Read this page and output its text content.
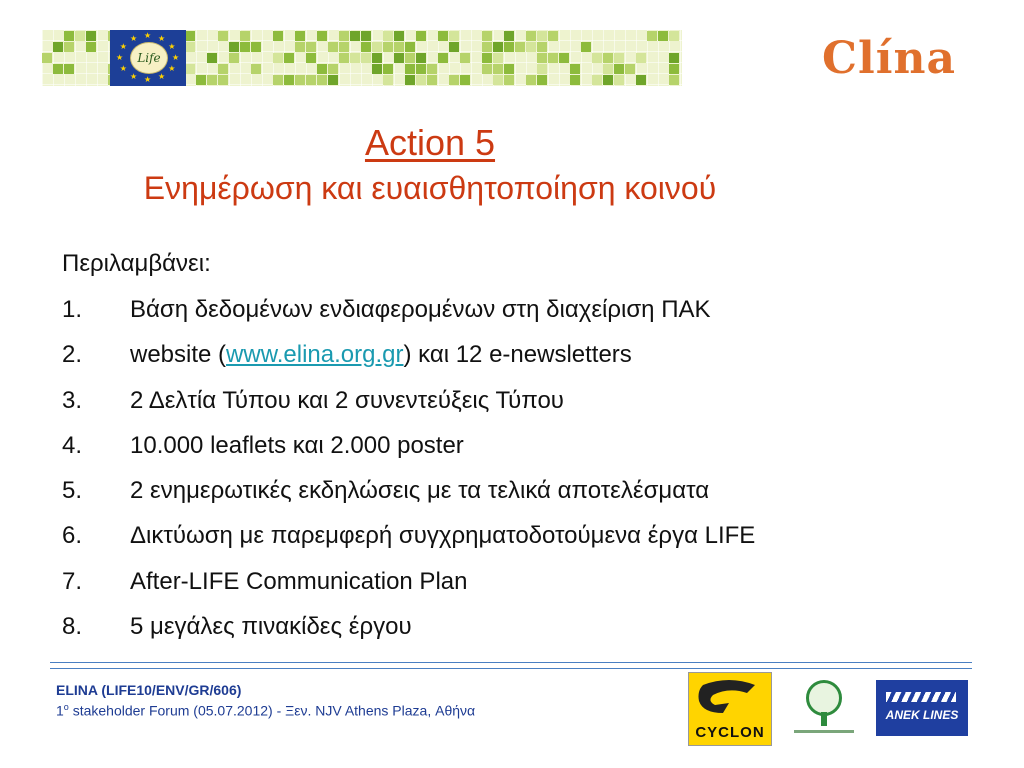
Life	★
★
★
★
★
★
★
★
★ ★ ★
★	Clína
Action 5
Ενημέρωση και ευαισθητοποίηση κοινού
Περιλαμβάνει:
1.	Βάση δεδομένων ενδιαφερομένων στη διαχείριση ΠΑΚ
2.	website (www.elina.org.gr) και 12 e-newsletters
3.	2 Δελτία Τύπου και 2 συνεντεύξεις Τύπου
4.	10.000 leaflets και 2.000 poster
5.	2 ενημερωτικές εκδηλώσεις με τα τελικά αποτελέσματα
6.	Δικτύωση με παρεμφερή συγχρηματοδοτούμενα έργα LIFE
7.	After-LIFE Communication Plan
8.	5 μεγάλες πινακίδες έργου
ELINA (LIFE10/ENV/GR/606)
$1^o$ stakeholder Forum (05.07.2012) - Ξεν. NJV Athens Plaza, Αθήνα
CYCLON
ANEK LINES
